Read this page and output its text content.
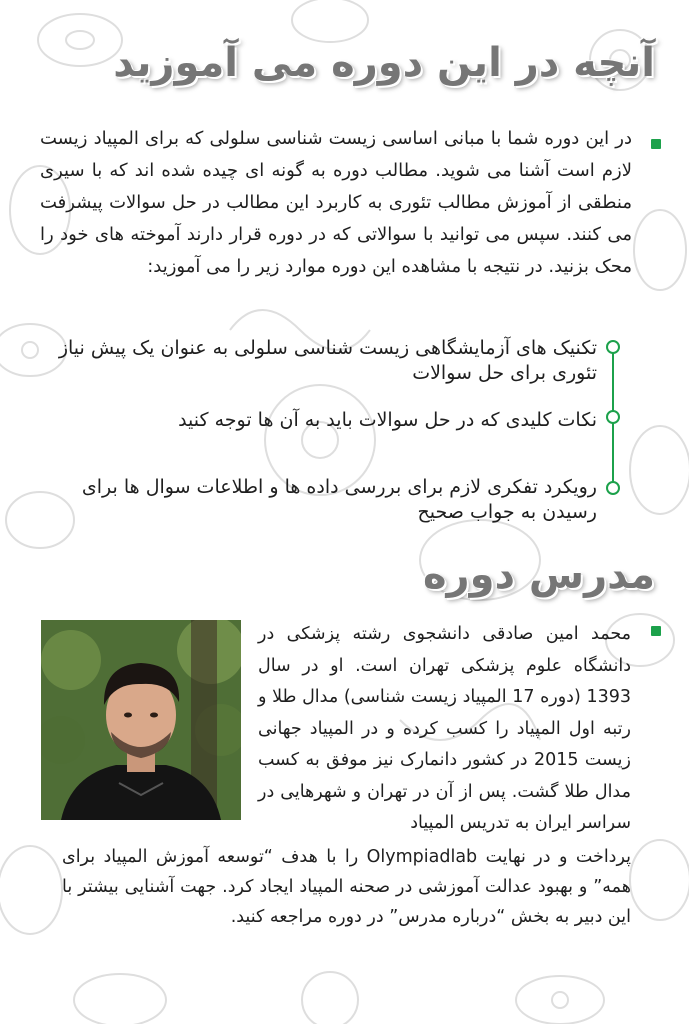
آنچه در این دوره می آموزید

در این دوره شما با مبانی اساسی زیست شناسی سلولی که برای المپیاد زیست لازم است آشنا می شوید. مطالب دوره به گونه ای چیده شده اند که با سیری منطقی از آموزش مطالب تئوری به کاربرد این مطالب در حل سوالات پیشرفت می کنند. سپس می توانید با سوالاتی که در دوره قرار دارند آموخته های خود را محک بزنید. در نتیجه با مشاهده این دوره موارد زیر را می آموزید:

تکنیک های آزمایشگاهی زیست شناسی سلولی به عنوان یک پیش نیاز تئوری برای حل سوالات

نکات کلیدی که در حل سوالات باید به آن ها توجه کنید

رویکرد تفکری لازم برای بررسی داده ها و اطلاعات سوال ها برای رسیدن به جواب صحیح

مدرس دوره

محمد امین صادقی دانشجوی رشته پزشکی در دانشگاه علوم پزشکی تهران است. او در سال 1393 (دوره 17 المپیاد زیست شناسی) مدال طلا و رتبه اول المپیاد را کسب کرده و در المپیاد جهانی زیست 2015 در کشور دانمارک نیز موفق به کسب مدال طلا گشت. پس از آن در تهران و شهرهایی در سراسر ایران به تدریس المپیاد

پرداخت و در نهایت Olympiadlab را با هدف “توسعه آموزش المپیاد برای همه” و بهبود عدالت آموزشی در صحنه المپیاد ایجاد کرد. جهت آشنایی بیشتر با این دبیر به بخش “درباره مدرس” در دوره مراجعه کنید.
